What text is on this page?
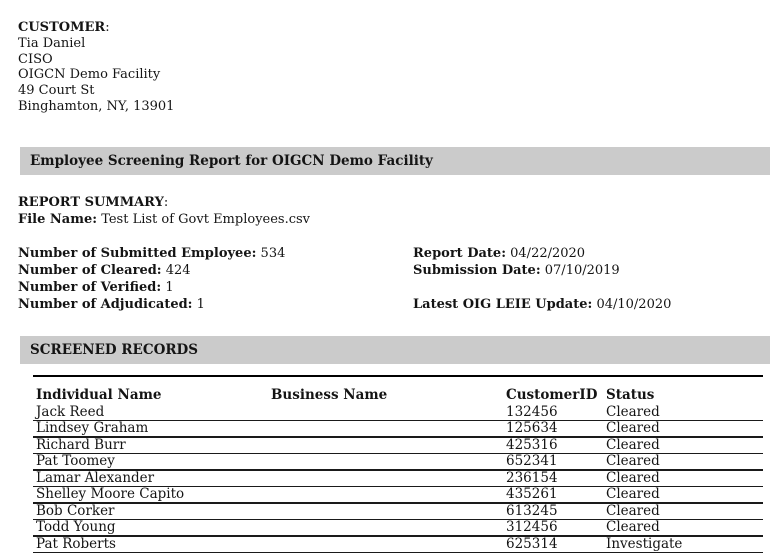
CUSTOMER:
Tia Daniel
CISO
OIGCN Demo Facility
49 Court St
Binghamton, NY, 13901
Employee Screening Report for OIGCN Demo Facility
REPORT SUMMARY:
File Name: Test List of Govt Employees.csv
Number of Submitted Employee: 534
Number of Cleared: 424
Number of Verified: 1
Number of Adjudicated: 1
Report Date: 04/22/2020
Submission Date: 07/10/2019
Latest OIG LEIE Update: 04/10/2020
SCREENED RECORDS
Individual Name	Business Name	CustomerID	Status
Jack Reed		132456	Cleared
Lindsey Graham		125634	Cleared
Richard Burr		425316	Cleared
Pat Toomey		652341	Cleared
Lamar Alexander		236154	Cleared
Shelley Moore Capito		435261	Cleared
Bob Corker		613245	Cleared
Todd Young		312456	Cleared
Pat Roberts		625314	Investigate
